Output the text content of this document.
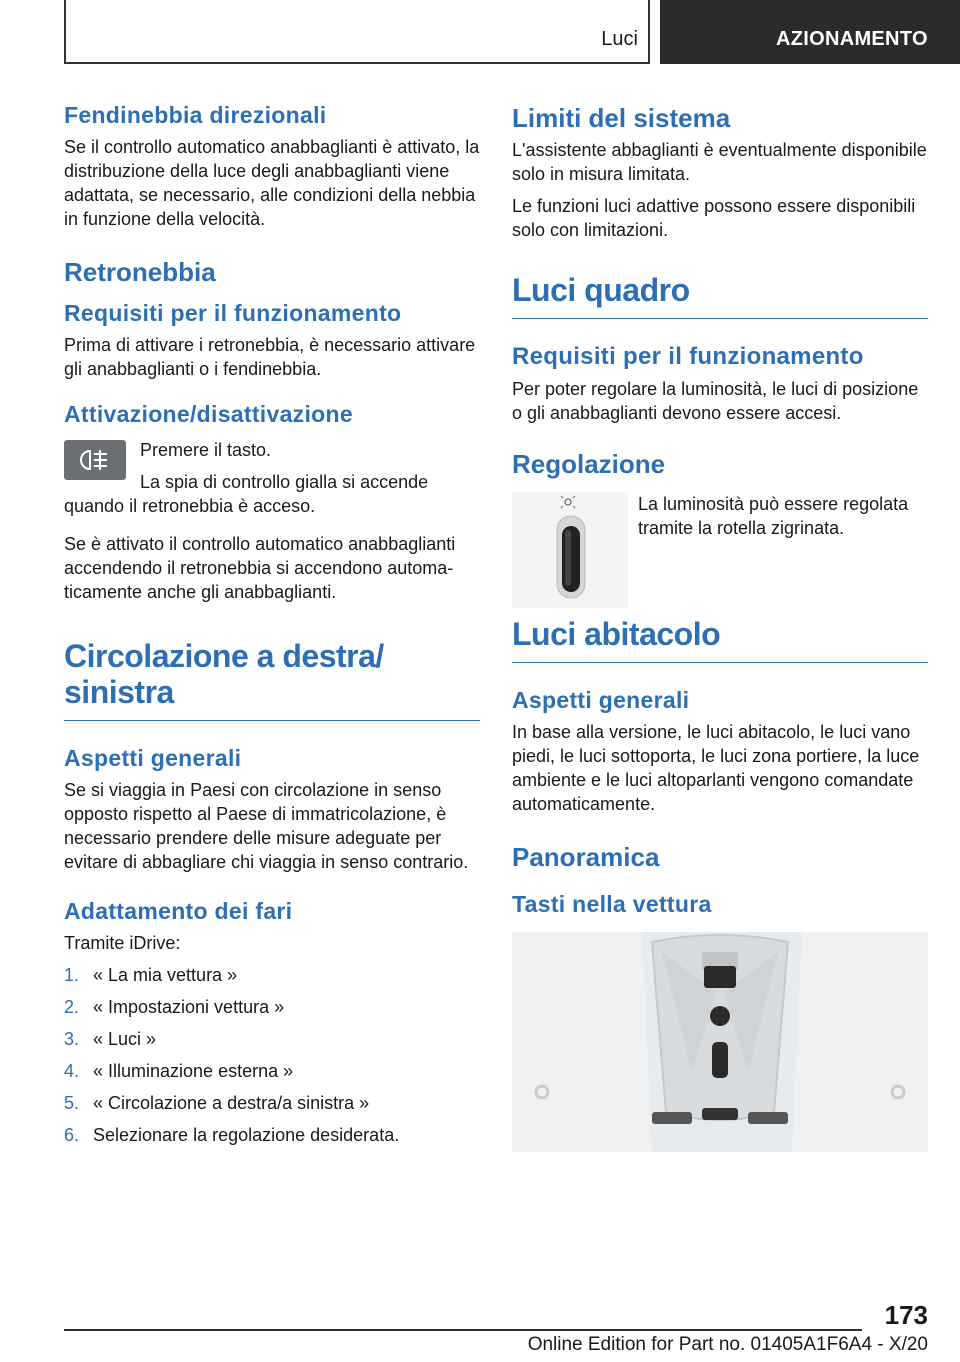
Luci	AZIONAMENTO
Fendinebbia direzionali

Se il controllo automatico anabbaglianti è attivato, la distribuzione della luce degli anabbaglianti viene adattata, se necessario, alle condizioni della nebbia in funzione della velocità.

Retronebbia
Requisiti per il funzionamento

Prima di attivare i retronebbia, è necessario attivare gli anabbaglianti o i fendinebbia.

Attivazione/disattivazione

Premere il tasto.

La spia di controllo gialla si accende quando il retronebbia è acceso.

Se è attivato il controllo automatico anabbaglianti accendendo il retronebbia si accendono automaticamente anche gli anabbaglianti.

Circolazione a destra/
sinistra
Aspetti generali

Se si viaggia in Paesi con circolazione in senso opposto rispetto al Paese di immatricolazione, è necessario prendere delle misure adeguate per evitare di abbagliare chi viaggia in senso contrario.

Adattamento dei fari

Tramite iDrive:

1. « La mia vettura »
2. « Impostazioni vettura »
3. « Luci »
4. « Illuminazione esterna »
5. « Circolazione a destra/a sinistra »
6. Selezionare la regolazione desiderata.
Limiti del sistema

L'assistente abbaglianti è eventualmente disponibile solo in misura limitata.

Le funzioni luci adattive possono essere disponibili solo con limitazioni.

Luci quadro
Requisiti per il funzionamento

Per poter regolare la luminosità, le luci di posizione o gli anabbaglianti devono essere accesi.

Regolazione

La luminosità può essere regolata tramite la rotella zigrinata.

Luci abitacolo
Aspetti generali

In base alla versione, le luci abitacolo, le luci vano piedi, le luci sottoporta, le luci zona portiere, la luce ambiente e le luci altoparlanti vengono comandate automaticamente.

Panoramica
Tasti nella vettura
173
Online Edition for Part no. 01405A1F6A4 - X/20
